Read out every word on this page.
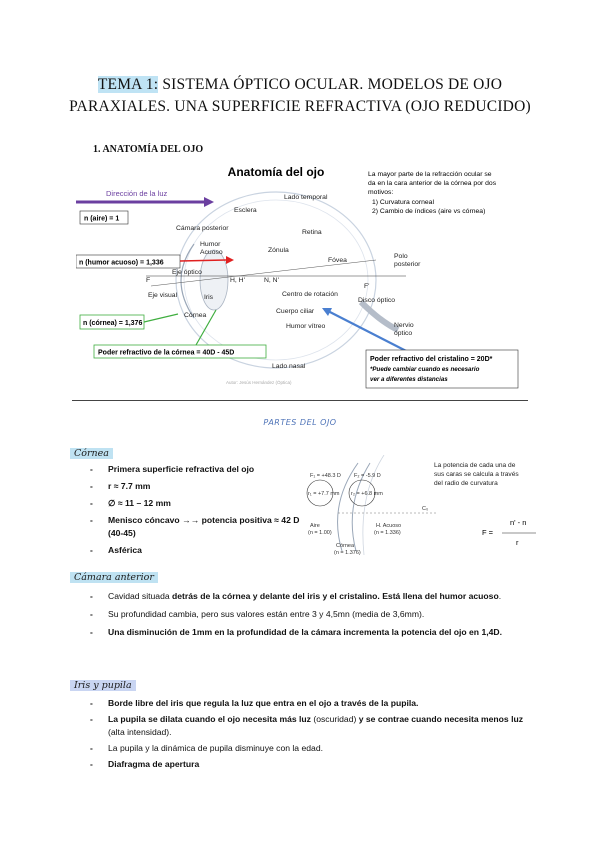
TEMA 1: SISTEMA ÓPTICO OCULAR. MODELOS DE OJO
PARAXIALES. UNA SUPERFICIE REFRACTIVA (OJO REDUCIDO)
1. ANATOMÍA DEL OJO
Anatomía del ojo
Dirección de la luz
n (aire) = 1
n (humor acuoso) = 1,336
n (córnea) = 1,376
Poder refractivo de la córnea = 40D - 45D
La mayor parte de la refracción ocular se
da en la cara anterior de la córnea por dos
motivos:
1) Curvatura corneal
2) Cambio de índices (aire vs córnea)
Poder refractivo del cristalino = 20D*
*Puede cambiar cuando es necesario
ver a diferentes distancias
Esclera
Lado temporal
Cámara posterior
Humor
Acuoso
Retina
Zónula
Fóvea
Polo
posterior
Eje óptico
F	H, H'	N, N'
F'
Eje visual	Iris	Centro de rotación
Disco óptico
Córnea
Cuerpo ciliar
Humor vítreo	Nervio
óptico
Lado nasal
Autor: Jesús Hernández (Óptica)
PARTES DEL OJO
Córnea
- Primera superficie refractiva del ojo
- r ≈ 7.7 mm
- ∅ ≈ 11 – 12 mm
- Menisco cóncavo →→ potencia positiva ≈ 42 D (40-45)
- Asférica
F₁ = +48.3 D F₂ = -5.9 D
r₁ = +7.7 mm r₂ = +6.8 mm
Aire
(n = 1.00)
H. Acuoso
(n = 1.336)
Córnea
(n = 1.376)
C₀
La potencia de cada una de
sus caras se calcula a través
del radio de curvatura
F =
n' - n
r
Cámara anterior
- Cavidad situada detrás de la córnea y delante del iris y el cristalino. Está llena del humor acuoso.
- Su profundidad cambia, pero sus valores están entre 3 y 4,5mn (media de 3,6mm).
- Una disminución de 1mm en la profundidad de la cámara incrementa la potencia del ojo en 1,4D.
Iris y pupila
- Borde libre del iris que regula la luz que entra en el ojo a través de la pupila.
- La pupila se dilata cuando el ojo necesita más luz (oscuridad) y se contrae cuando necesita menos luz (alta intensidad).
- La pupila y la dinámica de pupila disminuye con la edad.
- Diafragma de apertura
